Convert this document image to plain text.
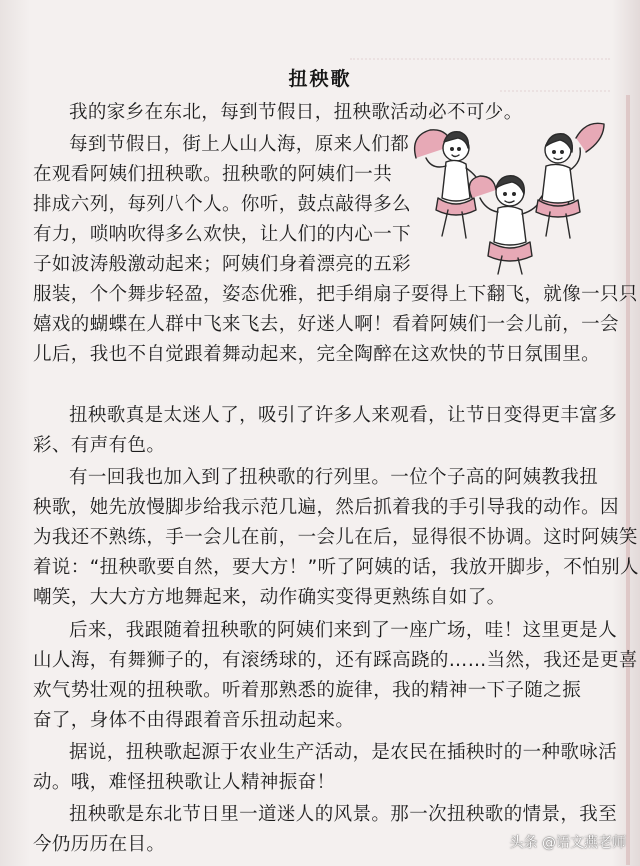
扭秧歌
我的家乡在东北，每到节假日，扭秧歌活动必不可少。
每到节假日，街上人山人海，原来人们都
在观看阿姨们扭秧歌。扭秧歌的阿姨们一共
排成六列，每列八个人。你听，鼓点敲得多么
有力，唢呐吹得多么欢快，让人们的内心一下
子如波涛般激动起来；阿姨们身着漂亮的五彩
服装，个个舞步轻盈，姿态优雅，把手绢扇子耍得上下翻飞，就像一只只
嬉戏的蝴蝶在人群中飞来飞去，好迷人啊！看着阿姨们一会儿前，一会
儿后，我也不自觉跟着舞动起来，完全陶醉在这欢快的节日氛围里。
扭秧歌真是太迷人了，吸引了许多人来观看，让节日变得更丰富多
彩、有声有色。
有一回我也加入到了扭秧歌的行列里。一位个子高的阿姨教我扭
秧歌，她先放慢脚步给我示范几遍，然后抓着我的手引导我的动作。因
为我还不熟练，手一会儿在前，一会儿在后，显得很不协调。这时阿姨笑
着说：“扭秧歌要自然，要大方！”听了阿姨的话，我放开脚步，不怕别人
嘲笑，大大方方地舞起来，动作确实变得更熟练自如了。
后来，我跟随着扭秧歌的阿姨们来到了一座广场，哇！这里更是人
山人海，有舞狮子的，有滚绣球的，还有踩高跷的……当然，我还是更喜
欢气势壮观的扭秧歌。听着那熟悉的旋律，我的精神一下子随之振
奋了，身体不由得跟着音乐扭动起来。
据说，扭秧歌起源于农业生产活动，是农民在插秧时的一种歌咏活
动。哦，难怪扭秧歌让人精神振奋！
扭秧歌是东北节日里一道迷人的风景。那一次扭秧歌的情景，我至
今仍历历在目。	头条 @语文燕老师
